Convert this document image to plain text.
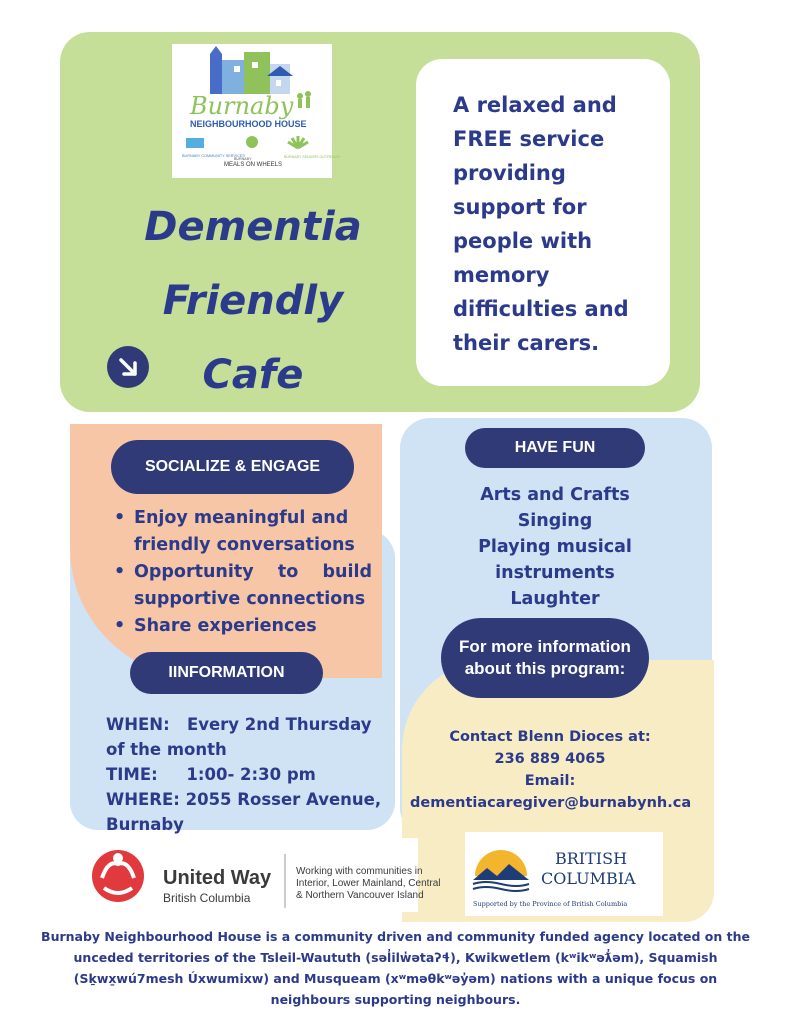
Burnaby
NEIGHBOURHOOD HOUSE
BURNABY COMMUNITY SERVICES
BURNABY
MEALS ON WHEELS
BURNABY SENIORS OUTREACH
A relaxed and FREE service providing support for people with memory difficulties and their carers.
Dementia
Friendly
Cafe
SOCIALIZE & ENGAGE
• Enjoy meaningful and friendly conversations
• Opportunity to build supportive connections
• Share experiences
IINFORMATION
WHEN: Every 2nd Thursday of the month
TIME: 1:00- 2:30 pm
WHERE: 2055 Rosser Avenue, Burnaby
HAVE FUN
Arts and Crafts
Singing
Playing musical instruments
Laughter
For more information
about this program:
Contact Blenn Dioces at:
236 889 4065
Email:
dementiacaregiver@burnabynh.ca
United Way
British Columbia
Working with communities in
Interior, Lower Mainland, Central
& Northern Vancouver Island
BRITISH
COLUMBIA
Supported by the Province of British Columbia
Burnaby Neighbourhood House is a community driven and community funded agency located on the unceded territories of the Tsleil-Waututh (səl̓ilw̓ətaʔɬ), Kwikwetlem (kʷikʷəƛ̓əm), Squamish (Sḵwx̱wú7mesh Úxwumixw) and Musqueam (xʷməθkʷəy̓əm) nations with a unique focus on neighbours supporting neighbours.
